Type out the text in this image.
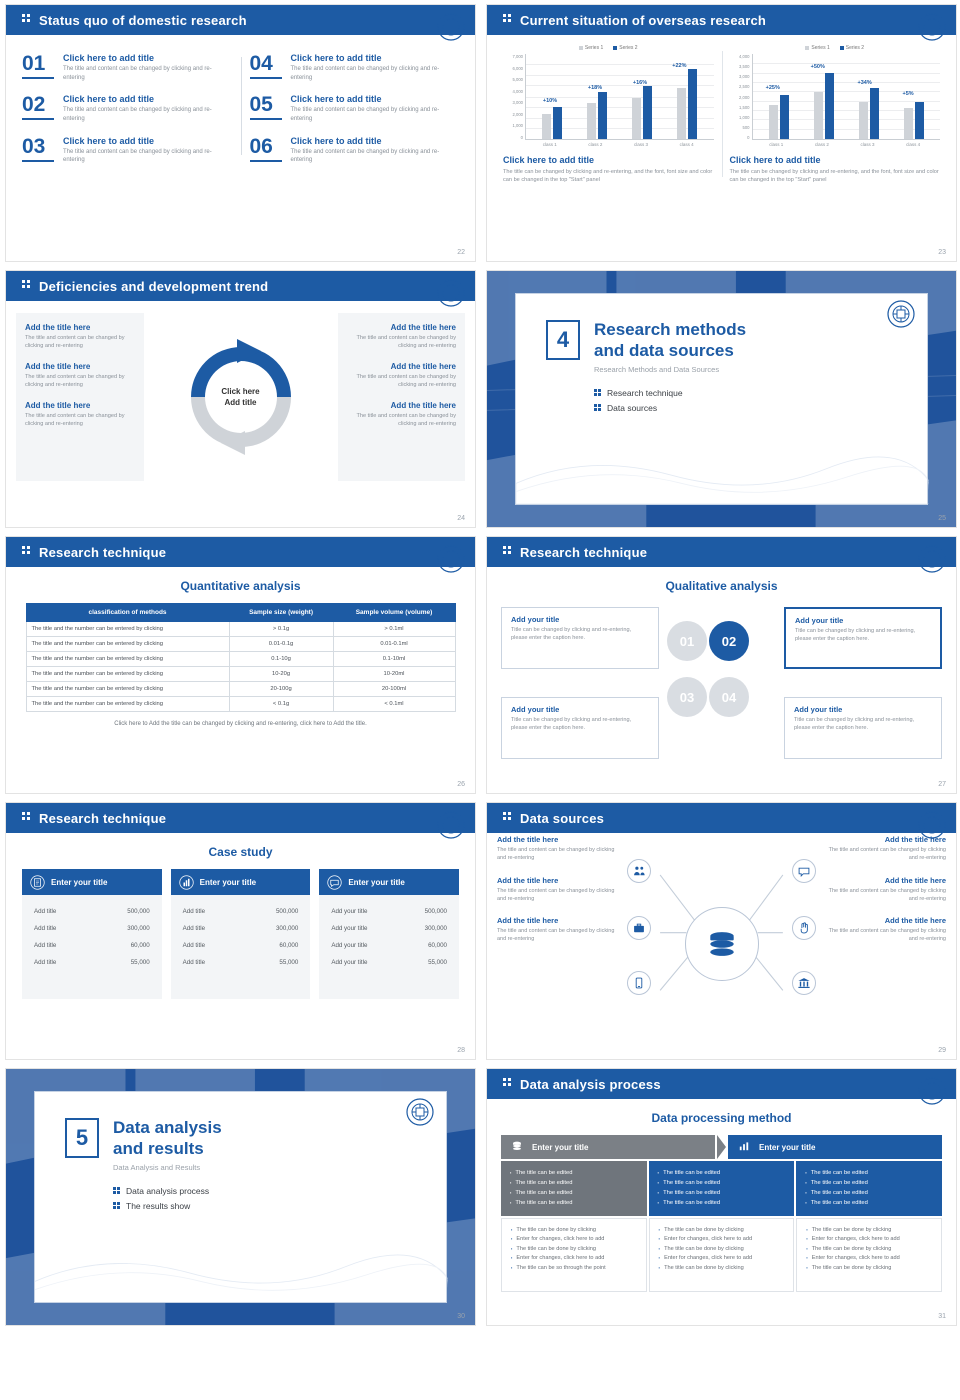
Status quo of domestic research
01	Click here to add title
The title and content can be changed by clicking and re-entering
04	Click here to add title
The title and content can be changed by clicking and re-entering
02	Click here to add title
The title and content can be changed by clicking and re-entering
05	Click here to add title
The title and content can be changed by clicking and re-entering
03	Click here to add title
The title and content can be changed by clicking and re-entering
06	Click here to add title
The title and content can be changed by clicking and re-entering
22
Current situation of overseas research
Series 1	Series 2
7,000
6,000
5,000
4,000
3,000
2,000
1,000
0
+10%
+18%
+16%
+22%
class 1	class 2	class 3	class 4
Click here to add title
The title can be changed by clicking and re-entering, and the font, font size and color can be changed in the top "Start" panel
Series 1	Series 2
4,000
3,500
3,000
2,500
2,000
1,500
1,000
500
0
+25%
+50%
+34%
+5%
class 1	class 2	class 3	class 4
Click here to add title
The title can be changed by clicking and re-entering, and the font, font size and color can be changed in the top "Start" panel
23
Deficiencies and development trend
Add the title here
The title and content can be changed by clicking and re-entering
Add the title here
The title and content can be changed by clicking and re-entering
Add the title here
The title and content can be changed by clicking and re-entering
Click here
Add title
Add the title here
The title and content can be changed by clicking and re-entering
Add the title here
The title and content can be changed by clicking and re-entering
Add the title here
The title and content can be changed by clicking and re-entering
24
4	Research methods
and data sources
Research Methods and Data Sources
Research technique
Data sources
25
Research technique
Quantitative analysis
classification of methods	Sample size (weight)	Sample volume (volume)
The title and the number can be entered by clicking	> 0.1g	> 0.1ml
The title and the number can be entered by clicking	0.01-0.1g	0.01-0.1ml
The title and the number can be entered by clicking	0.1-10g	0.1-10ml
The title and the number can be entered by clicking	10-20g	10-20ml
The title and the number can be entered by clicking	20-100g	20-100ml
The title and the number can be entered by clicking	< 0.1g	< 0.1ml
Click here to Add the title can be changed by clicking and re-entering, click here to Add the title.
26
Research technique
Qualitative analysis
Add your title
Title can be changed by clicking and re-entering, please enter the caption here.
Add your title
Title can be changed by clicking and re-entering, please enter the caption here.
Add your title
Title can be changed by clicking and re-entering, please enter the caption here.
Add your title
Title can be changed by clicking and re-entering, please enter the caption here.
01 02
03 04
27
Research technique
Case study
Enter your title
Add title	500,000
Add title	300,000
Add title	60,000
Add title	55,000
Enter your title
Add title	500,000
Add title	300,000
Add title	60,000
Add title	55,000
Enter your title
Add your title	500,000
Add your title	300,000
Add your title	60,000
Add your title	55,000
28
Data sources
Add the title here
The title and content can be changed by clicking and re-entering
Add the title here
The title and content can be changed by clicking and re-entering
Add the title here
The title and content can be changed by clicking and re-entering
Add the title here
The title and content can be changed by clicking and re-entering
Add the title here
The title and content can be changed by clicking and re-entering
Add the title here
The title and content can be changed by clicking and re-entering
29
5	Data analysis
and results
Data Analysis and Results
Data analysis process
The results show
30
Data analysis process
Data processing method
Enter your title	Enter your title
▪ The title can be edited
▪ The title can be edited
▪ The title can be edited
▪ The title can be edited
▪ The title can be edited
▪ The title can be edited
▪ The title can be edited
▪ The title can be edited
▪ The title can be edited
▪ The title can be edited
▪ The title can be edited
▪ The title can be edited
▪ The title can be done by clicking
▪ Enter for changes, click here to add
▪ The title can be done by clicking
▪ Enter for changes, click here to add
▪ The title can be so through the point
▪ The title can be done by clicking
▪ Enter for changes, click here to add
▪ The title can be done by clicking
▪ Enter for changes, click here to add
▪ The title can be done by clicking
▪ The title can be done by clicking
▪ Enter for changes, click here to add
▪ The title can be done by clicking
▪ Enter for changes, click here to add
▪ The title can be done by clicking
31
